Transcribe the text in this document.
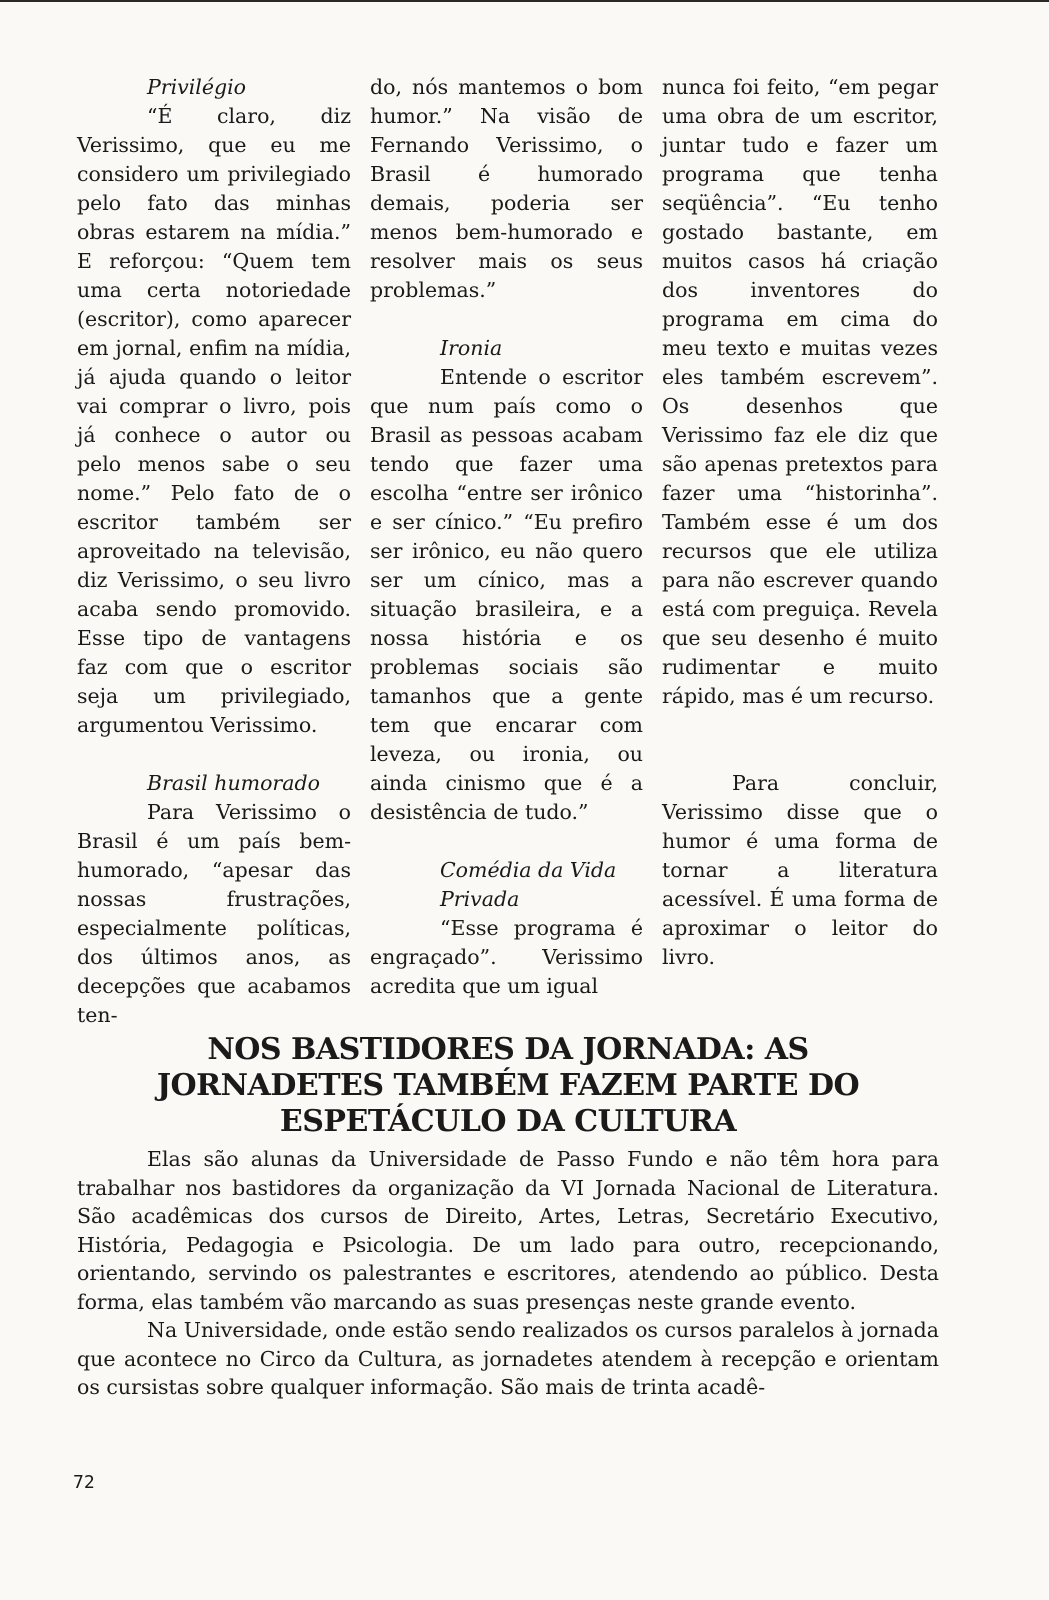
Privilégio

“É claro, diz Verissimo, que eu me considero um privilegiado pelo fato das minhas obras estarem na mídia.” E reforçou: “Quem tem uma certa notoriedade (escritor), como aparecer em jornal, enfim na mídia, já ajuda quando o leitor vai comprar o livro, pois já conhece o autor ou pelo menos sabe o seu nome.” Pelo fato de o escritor também ser aproveitado na televisão, diz Verissimo, o seu livro acaba sendo promovido. Esse tipo de vantagens faz com que o escritor seja um privilegiado, argumentou Verissimo.

Brasil humorado

Para Verissimo o Brasil é um país bem-humorado, “apesar das nossas frustrações, especialmente políticas, dos últimos anos, as decepções que acabamos ten-

do, nós mantemos o bom humor.” Na visão de Fernando Verissimo, o Brasil é humorado demais, poderia ser menos bem-humorado e resolver mais os seus problemas.”

Ironia

Entende o escritor que num país como o Brasil as pessoas acabam tendo que fazer uma escolha “entre ser irônico e ser cínico.” “Eu prefiro ser irônico, eu não quero ser um cínico, mas a situação brasileira, e a nossa história e os problemas sociais são tamanhos que a gente tem que encarar com leveza, ou ironia, ou ainda cinismo que é a desistência de tudo.”

Comédia da Vida Privada

“Esse programa é engraçado”. Verissimo acredita que um igual

nunca foi feito, “em pegar uma obra de um escritor, juntar tudo e fazer um programa que tenha seqüência”. “Eu tenho gostado bastante, em muitos casos há criação dos inventores do programa em cima do meu texto e muitas vezes eles também escrevem”. Os desenhos que Verissimo faz ele diz que são apenas pretextos para fazer uma “historinha”. Também esse é um dos recursos que ele utiliza para não escrever quando está com preguiça. Revela que seu desenho é muito rudimentar e muito rápido, mas é um recurso.

Para concluir, Verissimo disse que o humor é uma forma de tornar a literatura acessível. É uma forma de aproximar o leitor do livro.

NOS BASTIDORES DA JORNADA: AS
JORNADETES TAMBÉM FAZEM PARTE DO
ESPETÁCULO DA CULTURA

Elas são alunas da Universidade de Passo Fundo e não têm hora para trabalhar nos bastidores da organização da VI Jornada Nacional de Literatura. São acadêmicas dos cursos de Direito, Artes, Letras, Secretário Executivo, História, Pedagogia e Psicologia. De um lado para outro, recepcionando, orientando, servindo os palestrantes e escritores, atendendo ao público. Desta forma, elas também vão marcando as suas presenças neste grande evento.

Na Universidade, onde estão sendo realizados os cursos paralelos à jornada que acontece no Circo da Cultura, as jornadetes atendem à recepção e orientam os cursistas sobre qualquer informação. São mais de trinta acadê-

72
